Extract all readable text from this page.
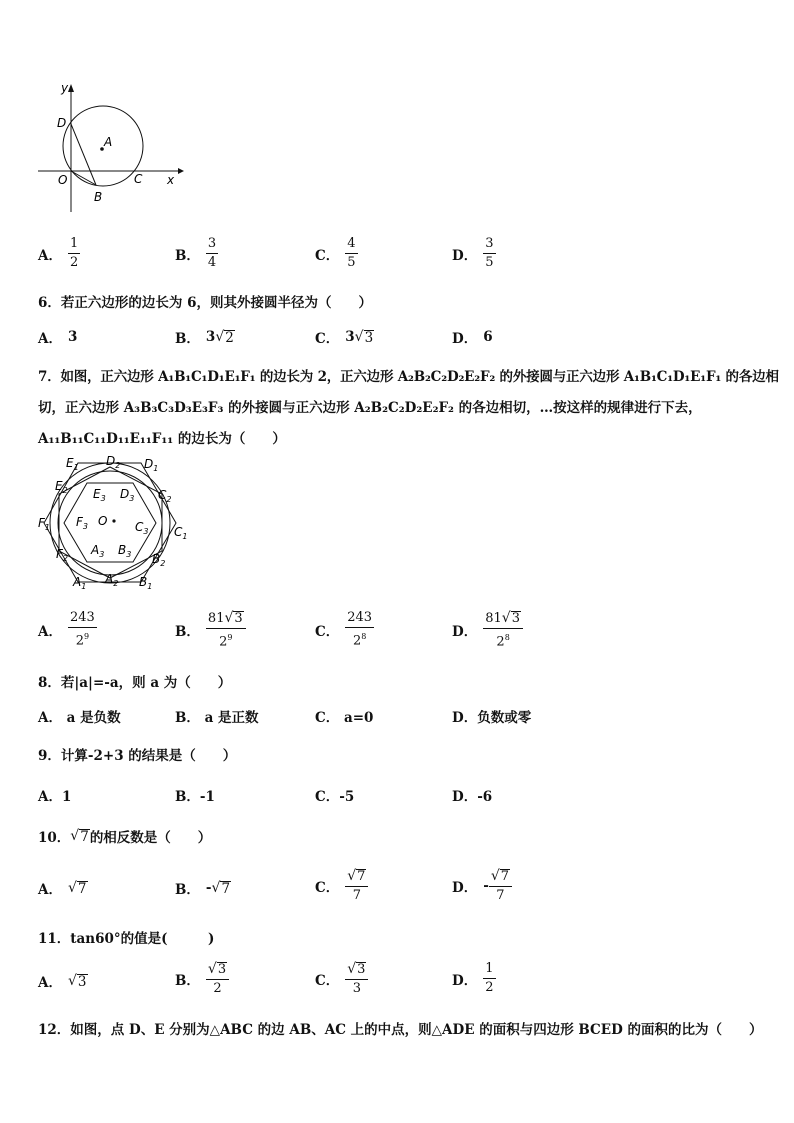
y
x
D
A
O	C
B
A． $\frac{1}{2}$	B． $\frac{3}{4}$	C． $\frac{4}{5}$	D． $\frac{3}{5}$
6．若正六边形的边长为 6，则其外接圆半径为（　　）
A． 3	B． 3 √ 2	C． 3 √ 3	D． 6
7．如图，正六边形 A₁B₁C₁D₁E₁F₁ 的边长为 2，正六边形 A₂B₂C₂D₂E₂F₂ 的外接圆与正六边形 A₁B₁C₁D₁E₁F₁ 的各边相
切，正六边形 A₃B₃C₃D₃E₃F₃ 的外接圆与正六边形 A₂B₂C₂D₂E₂F₂ 的各边相切，…按这样的规律进行下去，
A₁₁B₁₁C₁₁D₁₁E₁₁F₁₁ 的边长为（　　）
$E_1$ $D_2$ $D_1$
$E_2$ $E_3$ $D_3$ $C_2$
$F_1$ $F_3$ O $C_3$ $C_1$
$F_2$
$A_3$ $B_3$ $B_2$
$A_1$
$A_2$ $B_1$
A． $\frac{243}{2^9}$	B． $\frac{81 √ 3}{2^9}$	C． $\frac{243}{2^8}$	D． $\frac{81 √ 3}{2^8}$
8．若|a|=-a，则 a 为（　　）
A． a 是负数	B． a 是正数	C． a=0	D．负数或零
9．计算-2+3 的结果是（　　）
A．1	B．-1	C．-5	D．-6
10． √ 7 的相反数是（　　）
A． √ 7	B． - √ 7	C． $\frac{√ 7}{7}$	D． - $\frac{√ 7}{7}$
11．tan60°的值是(　　　)
A． √ 3	B． $\frac{√ 3}{2}$	C． $\frac{√ 3}{3}$	D． $\frac{1}{2}$
12．如图，点 D、E 分别为△ABC 的边 AB、AC 上的中点，则△ADE 的面积与四边形 BCED 的面积的比为（　　）
